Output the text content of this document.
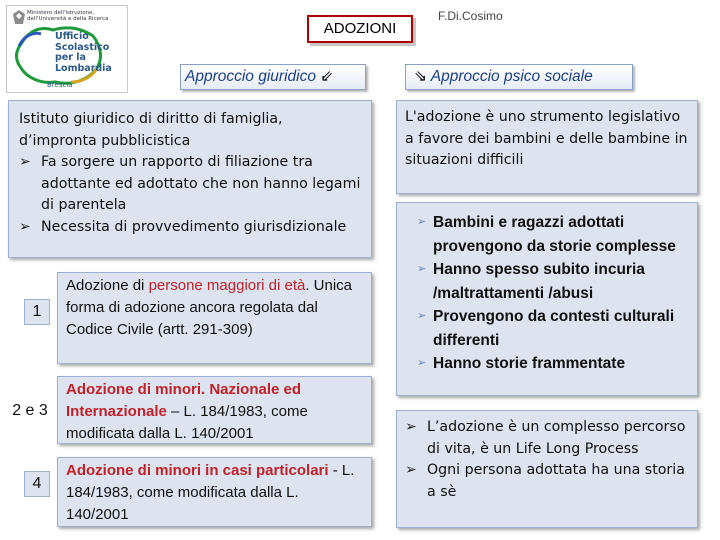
Ministero dell'Istruzione, dell'Università e della Ricerca
Ufficio
Scolastico
per la
Lombardia
Brescia
ADOZIONI
F.Di.Cosimo
Approccio giuridico ⇙	⇘ Approccio psico sociale
Istituto giuridico di diritto di famiglia, d’impronta pubblicistica
➢ Fa sorgere un rapporto di filiazione tra adottante ed adottato che non hanno legami di parentela
➢ Necessita di provvedimento giurisdizionale
1
Adozione di persone maggiori di età. Unica forma di adozione ancora regolata dal Codice Civile (artt. 291-309)
2 e 3
Adozione di minori. Nazionale ed Internazionale – L. 184/1983, come modificata dalla L. 140/2001
4
Adozione di minori in casi particolari - L. 184/1983, come modificata dalla L. 140/2001
L'adozione è uno strumento legislativo a favore dei bambini e delle bambine in situazioni difficili
➢ Bambini e ragazzi adottati provengono da storie complesse
➢ Hanno spesso subito incuria /maltrattamenti /abusi
➢ Provengono da contesti culturali differenti
➢ Hanno storie frammentate
➢ L’adozione è un complesso percorso di vita, è un Life Long Process
➢ Ogni persona adottata ha una storia a sè
